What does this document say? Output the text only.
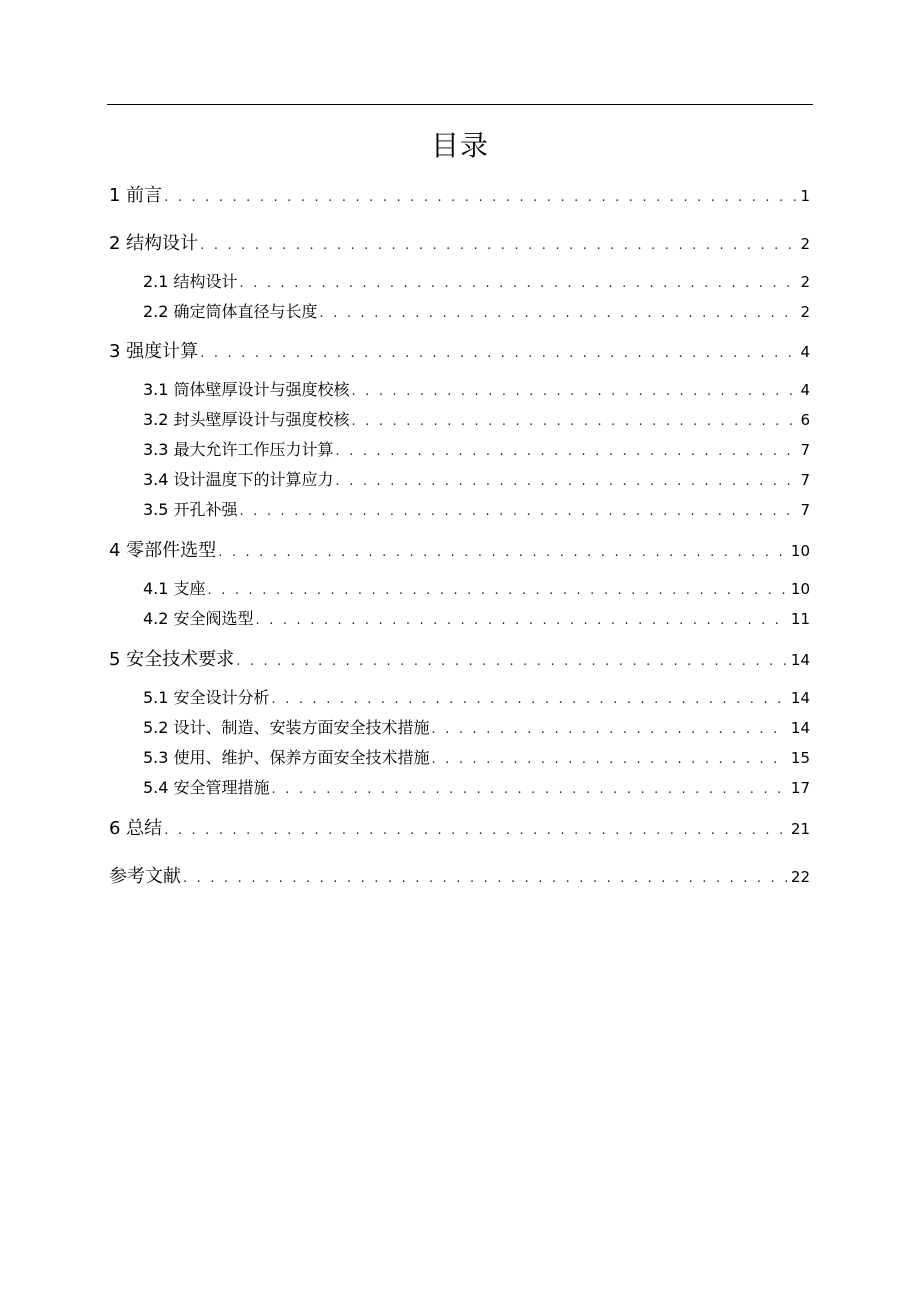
目录
1 前言 . . .	1
2 结构设计 . . .	2
2.1 结构设计 . . .	2
2.2 确定筒体直径与长度 . . .	2
3 强度计算 . . .	4
3.1 筒体壁厚设计与强度校核 . . .	4
3.2 封头壁厚设计与强度校核 . . .	6
3.3 最大允许工作压力计算 . . .	7
3.4 设计温度下的计算应力 . . .	7
3.5 开孔补强 . . .	7
4 零部件选型 . . .	10
4.1 支座 . . .	10
4.2 安全阀选型 . . .	11
5 安全技术要求 . . .	14
5.1 安全设计分析 . . .	14
5.2 设计、制造、安装方面安全技术措施 . . .	14
5.3 使用、维护、保养方面安全技术措施 . . .	15
5.4 安全管理措施 . . .	17
6 总结 . . .	21
参考文献 . . .	22
